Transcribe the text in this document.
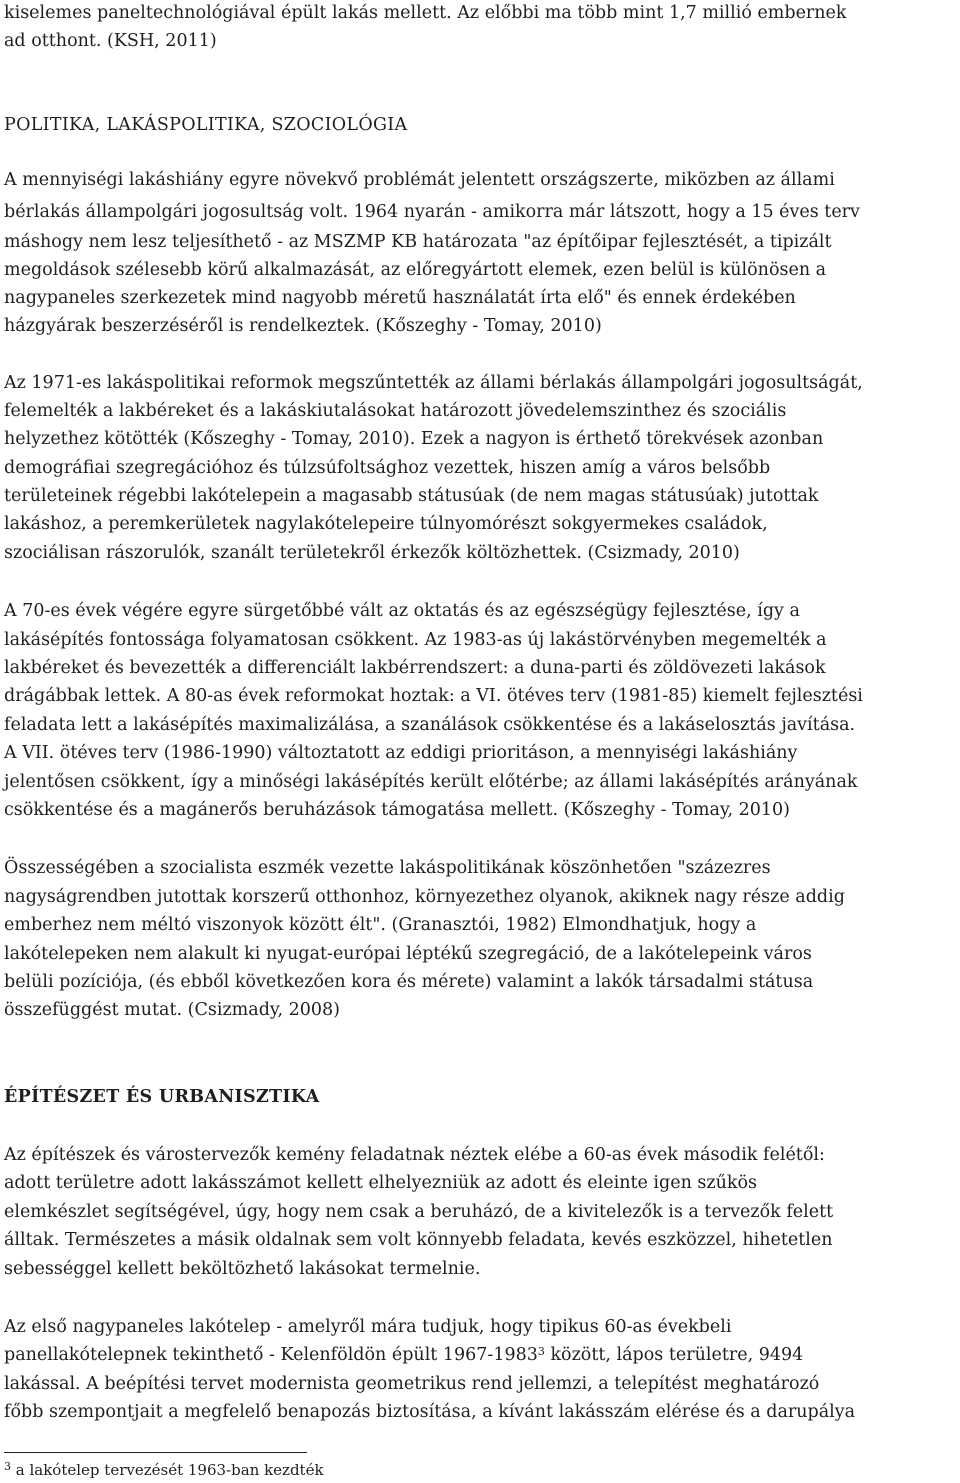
kiselemes paneltechnológiával épült lakás mellett. Az előbbi ma több mint 1,7 millió embernek

ad otthont. (KSH, 2011)

POLITIKA, LAKÁSPOLITIKA, SZOCIOLÓGIA

A mennyiségi lakáshiány egyre növekvő problémát jelentett országszerte, miközben az állami

bérlakás állampolgári jogosultság volt. 1964 nyarán - amikorra már látszott, hogy a 15 éves terv

máshogy nem lesz teljesíthető - az MSZMP KB határozata "az építőipar fejlesztését, a tipizált

megoldások szélesebb körű alkalmazását, az előregyártott elemek, ezen belül is különösen a

nagypaneles szerkezetek mind nagyobb méretű használatát írta elő" és ennek érdekében

házgyárak beszerzéséről is rendelkeztek. (Kőszeghy - Tomay, 2010)

Az 1971-es lakáspolitikai reformok megszűntették az állami bérlakás állampolgári jogosultságát,

felemelték a lakbéreket és a lakáskiutalásokat határozott jövedelemszinthez és szociális

helyzethez kötötték (Kőszeghy - Tomay, 2010). Ezek a nagyon is érthető törekvések azonban

demográfiai szegregációhoz és túlzsúfoltsághoz vezettek, hiszen amíg a város belsőbb

területeinek régebbi lakótelepein a magasabb státusúak (de nem magas státusúak) jutottak

lakáshoz, a peremkerületek nagylakótelepeire túlnyomórészt sokgyermekes családok,

szociálisan rászorulók, szanált területekről érkezők költözhettek. (Csizmady, 2010)

A 70-es évek végére egyre sürgetőbbé vált az oktatás és az egészségügy fejlesztése, így a

lakásépítés fontossága folyamatosan csökkent. Az 1983-as új lakástörvényben megemelték a

lakbéreket és bevezették a differenciált lakbérrendszert: a duna-parti és zöldövezeti lakások

drágábbak lettek. A 80-as évek reformokat hoztak: a VI. ötéves terv (1981-85) kiemelt fejlesztési

feladata lett a lakásépítés maximalizálása, a szanálások csökkentése és a lakáselosztás javítása.

A VII. ötéves terv (1986-1990) változtatott az eddigi prioritáson, a mennyiségi lakáshiány

jelentősen csökkent, így a minőségi lakásépítés került előtérbe; az állami lakásépítés arányának

csökkentése és a magánerős beruházások támogatása mellett. (Kőszeghy - Tomay, 2010)

Összességében a szocialista eszmék vezette lakáspolitikának köszönhetően "százezres

nagyságrendben jutottak korszerű otthonhoz, környezethez olyanok, akiknek nagy része addig

emberhez nem méltó viszonyok között élt". (Granasztói, 1982) Elmondhatjuk, hogy a

lakótelepeken nem alakult ki nyugat-európai léptékű szegregáció, de a lakótelepeink város

belüli pozíciója, (és ebből következően kora és mérete) valamint a lakók társadalmi státusa

összefüggést mutat. (Csizmady, 2008)

ÉPÍTÉSZET ÉS URBANISZTIKA

Az építészek és várostervezők kemény feladatnak néztek elébe a 60-as évek második felétől:

adott területre adott lakásszámot kellett elhelyezniük az adott és eleinte igen szűkös

elemkészlet segítségével, úgy, hogy nem csak a beruházó, de a kivitelezők is a tervezők felett

álltak. Természetes a másik oldalnak sem volt könnyebb feladata, kevés eszközzel, hihetetlen

sebességgel kellett beköltözhető lakásokat termelnie.

Az első nagypaneles lakótelep - amelyről mára tudjuk, hogy tipikus 60-as évekbeli

panellakótelepnek tekinthető - Kelenföldön épült 1967-1983$^3$ között, lápos területre, 9494

lakással. A beépítési tervet modernista geometrikus rend jellemzi, a telepítést meghatározó

főbb szempontjait a megfelelő benapozás biztosítása, a kívánt lakásszám elérése és a darupálya

$^3$ a lakótelep tervezését 1963-ban kezdték
